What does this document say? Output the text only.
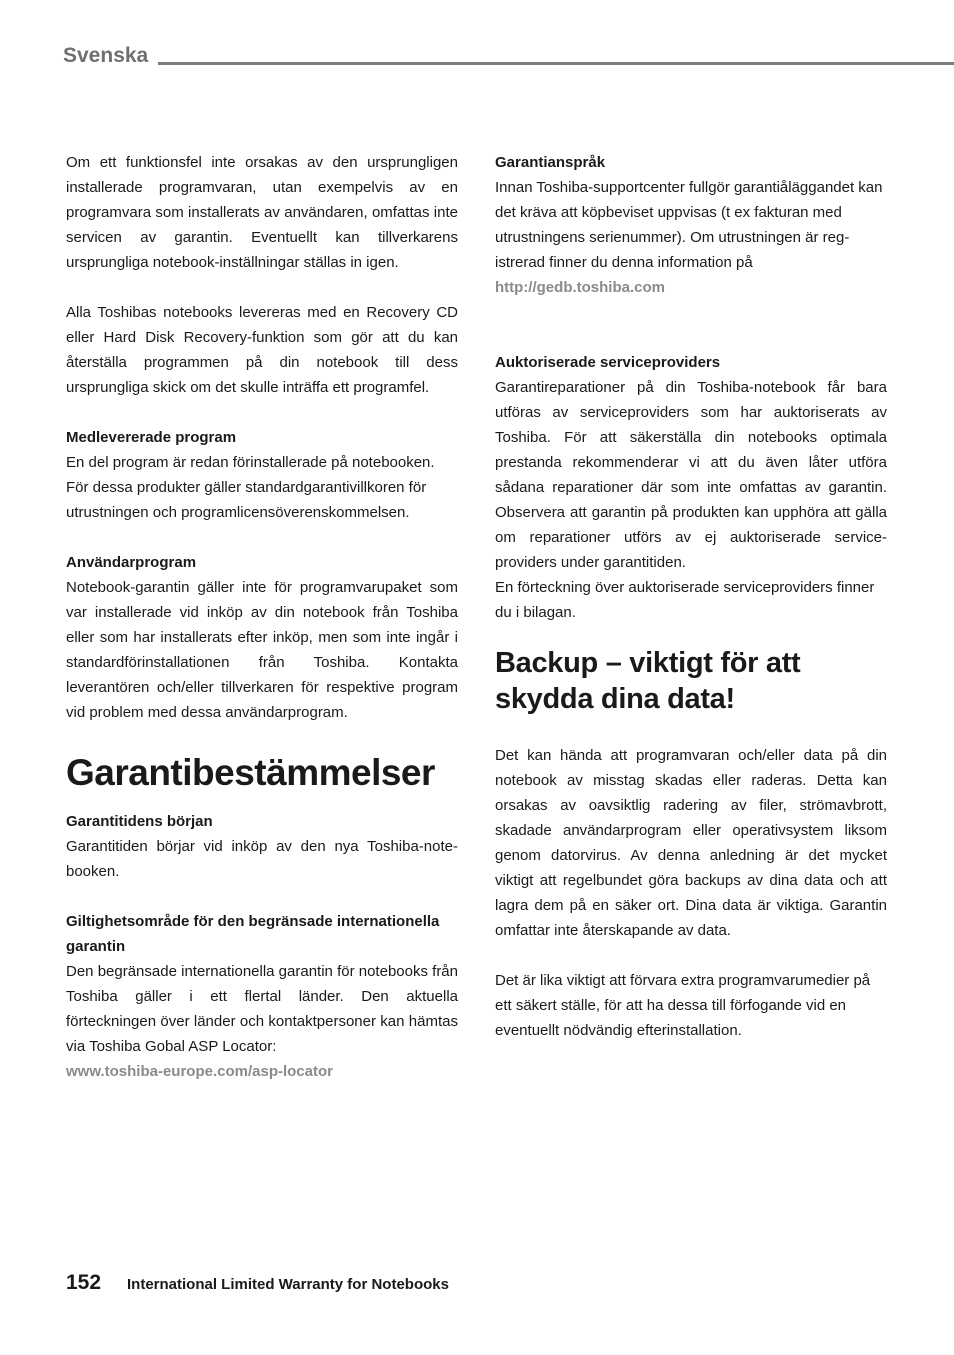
Svenska

Om ett funktionsfel inte orsakas av den ursprungligen installerade programvaran, utan exempelvis av en programvara som installerats av användaren, omfattas inte servicen av garantin. Eventuellt kan tillverkarens ursprungliga notebook-inställningar ställas in igen.

Alla Toshibas notebooks levereras med en Recovery CD eller Hard Disk Recovery-funktion som gör att du kan återställa programmen på din notebook till dess ursprungliga skick om det skulle inträffa ett programfel.

Medlevererade program

En del program är redan förinstallerade på notebooken. För dessa produkter gäller standardgarantivillkoren för utrustningen och programlicensöverenskommelsen.

Användarprogram

Notebook-garantin gäller inte för programvarupaket som var installerade vid inköp av din notebook från Toshiba eller som har installerats efter inköp, men som inte ingår i standardförinstallationen från Toshiba. Kontakta leverantören och/eller tillverkaren för respektive program vid problem med dessa användarprogram.

Garantibestämmelser
Garantitidens början

Garantitiden börjar vid inköp av den nya Toshiba-note-booken.

Giltighetsområde för den begränsade internationella garantin

Den begränsade internationella garantin för notebooks från Toshiba gäller i ett flertal länder. Den aktuella förteckningen över länder och kontaktpersoner kan hämtas via Toshiba Gobal ASP Locator:

www.toshiba-europe.com/asp-locator
Garantianspråk

Innan Toshiba-supportcenter fullgör garantiåläggandet kan det kräva att köpbeviset uppvisas (t ex fakturan med utrustningens serienummer). Om utrustningen är reg-istrerad finner du denna information på

http://gedb.toshiba.com
Auktoriserade serviceproviders

Garantireparationer på din Toshiba-notebook får bara utföras av serviceproviders som har auktoriserats av Toshiba. För att säkerställa din notebooks optimala prestanda rekommenderar vi att du även låter utföra sådana reparationer där som inte omfattas av garantin. Observera att garantin på produkten kan upphöra att gälla om reparationer utförs av ej auktoriserade service-providers under garantitiden.

En förteckning över auktoriserade serviceproviders finner du i bilagan.

Backup – viktigt för att skydda dina data!

Det kan hända att programvaran och/eller data på din notebook av misstag skadas eller raderas. Detta kan orsakas av oavsiktlig radering av filer, strömavbrott, skadade användarprogram eller operativsystem liksom genom datorvirus. Av denna anledning är det mycket viktigt att regelbundet göra backups av dina data och att lagra dem på en säker ort. Dina data är viktiga. Garantin omfattar inte återskapande av data.

Det är lika viktigt att förvara extra programvarumedier på ett säkert ställe, för att ha dessa till förfogande vid en eventuellt nödvändig efterinstallation.

152 International Limited Warranty for Notebooks
